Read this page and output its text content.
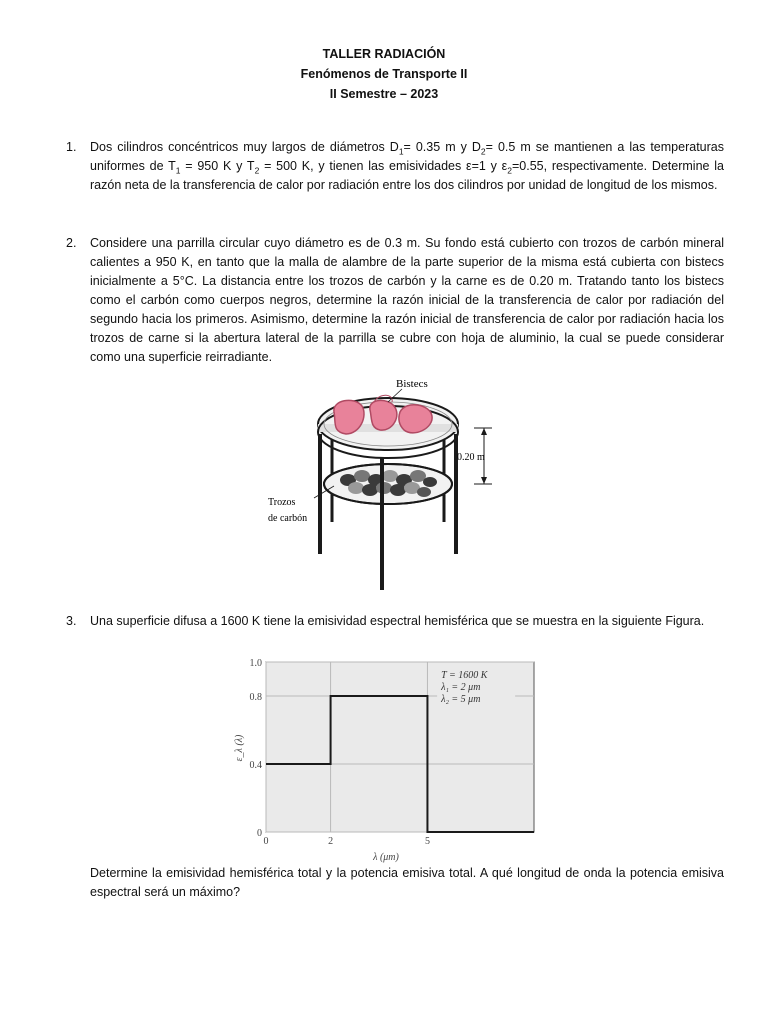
TALLER RADIACIÓN
Fenómenos de Transporte II
II Semestre – 2023
1. Dos cilindros concéntricos muy largos de diámetros $D_1= 0.35$ m y $D_2= 0.5$ m se mantienen a las temperaturas uniformes de $T_1 = 950$ K y $T_2 = 500$ K, y tienen las emisividades ε=1 y $\varepsilon_2=0.55$, respectivamente. Determine la razón neta de la transferencia de calor por radiación entre los dos cilindros por unidad de longitud de los mismos.
2. Considere una parrilla circular cuyo diámetro es de 0.3 m. Su fondo está cubierto con trozos de carbón mineral calientes a 950 K, en tanto que la malla de alambre de la parte superior de la misma está cubierta con bistecs inicialmente a 5°C. La distancia entre los trozos de carbón y la carne es de 0.20 m. Tratando tanto los bistecs como el carbón como cuerpos negros, determine la razón inicial de la transferencia de calor por radiación del segundo hacia los primeros. Asimismo, determine la razón inicial de transferencia de calor por radiación hacia los trozos de carne si la abertura lateral de la parrilla se cubre con hoja de aluminio, la cual se puede considerar como una superficie reirradiante.
Bistecs
0.20 m
Trozos
de carbón
3. Una superficie difusa a 1600 K tiene la emisividad espectral hemisférica que se muestra en la siguiente Figura.
0
0.4
0.8
1.0
0	2	5
λ (μm)
ε_λ (λ)
T = 1600 K
λ₁ = 2 μm
λ₂ = 5 μm
Determine la emisividad hemisférica total y la potencia emisiva total. A qué longitud de onda la potencia emisiva espectral será un máximo?
